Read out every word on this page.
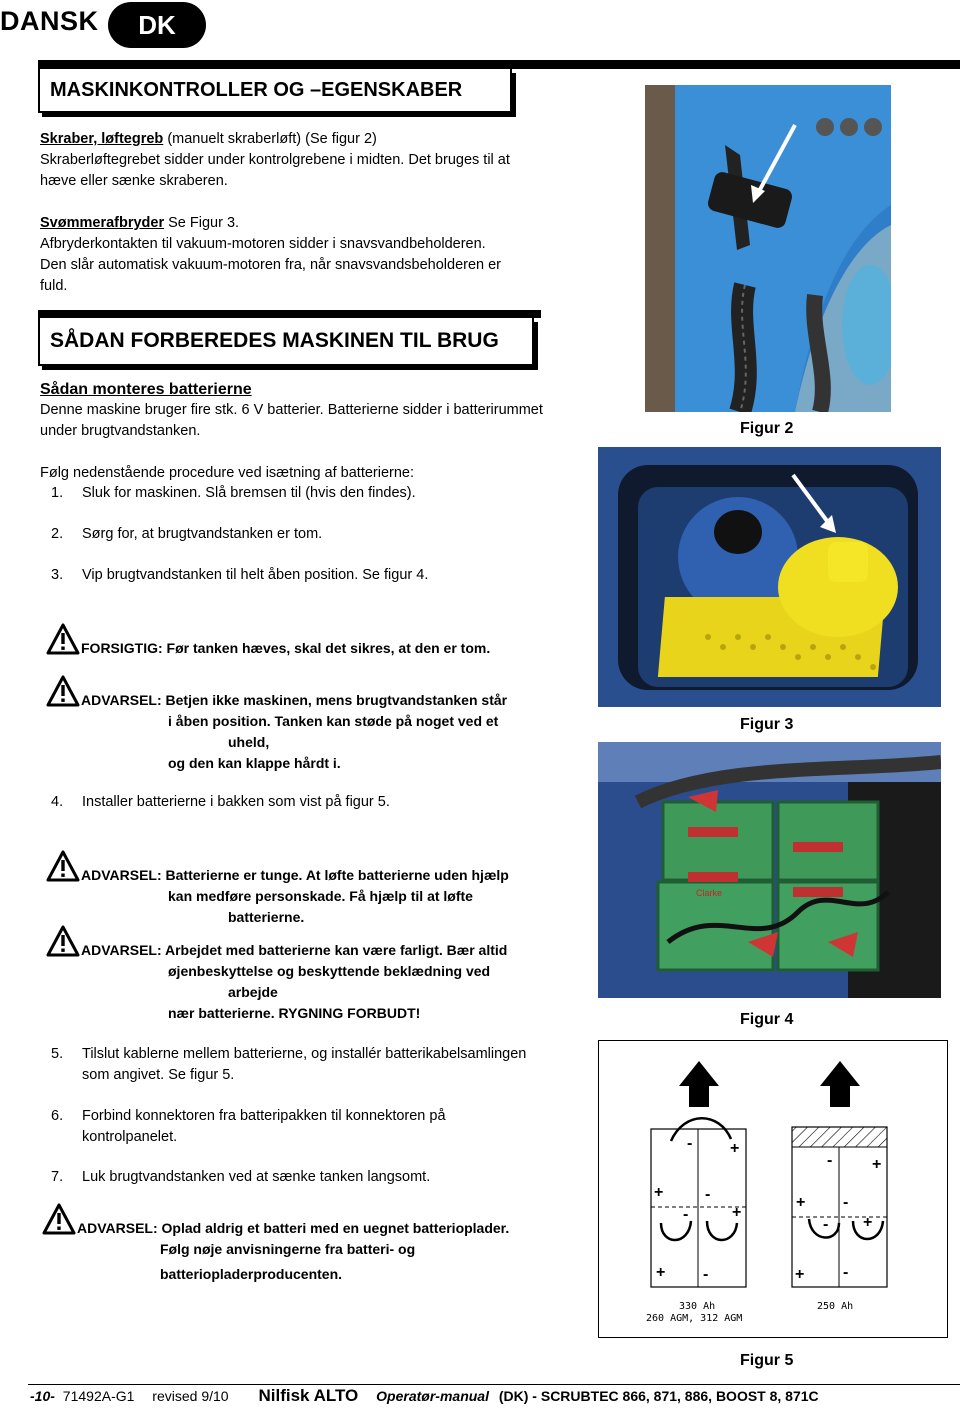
DANSK	DK
MASKINKONTROLLER OG –EGENSKABER
Skraber, løftegreb (manuelt skraberløft) (Se figur 2)
Skraberløftegrebet sidder under kontrolgrebene i midten. Det bruges til at
hæve eller sænke skraberen.
Svømmerafbryder Se Figur 3.
Afbryderkontakten til vakuum-motoren sidder i snavsvandbeholderen.
Den slår automatisk vakuum-motoren fra, når snavsvandsbeholderen er
fuld.
SÅDAN FORBEREDES MASKINEN TIL BRUG
Sådan monteres batterierne
Denne maskine bruger fire stk. 6 V batterier. Batterierne sidder i batterirummet
under brugtvandstanken.
Følg nedenstående procedure ved isætning af batterierne:
1. Sluk for maskinen. Slå bremsen til (hvis den findes).
2. Sørg for, at brugtvandstanken er tom.
3. Vip brugtvandstanken til helt åben position. Se figur 4.
4. Installer batterierne i bakken som vist på figur 5.
5. Tilslut kablerne mellem batterierne, og installér batterikabelsamlingen
som angivet. Se figur 5.
6. Forbind konnektoren fra batteripakken til konnektoren på
kontrolpanelet.
7. Luk brugtvandstanken ved at sænke tanken langsomt.
FORSIGTIG: Før tanken hæves, skal det sikres, at den er tom.
ADVARSEL: Betjen ikke maskinen, mens brugtvandstanken står
i åben position. Tanken kan støde på noget ved et
uheld,
og den kan klappe hårdt i.
ADVARSEL: Batterierne er tunge. At løfte batterierne uden hjælp
kan medføre personskade. Få hjælp til at løfte
batterierne.
ADVARSEL: Arbejdet med batterierne kan være farligt. Bær altid
øjenbeskyttelse og beskyttende beklædning ved
arbejde
nær batterierne. RYGNING FORBUDT!
ADVARSEL: Oplad aldrig et batteri med en uegnet batterioplader.
Følg nøje anvisningerne fra batteri- og
batteriopladerproducenten.
Figur 2
Figur 3
Clarke
Figur 4
- +
+	-
-	+
+ -
330 Ah
260 AGM, 312 AGM
- +
+ -
- +
+ -
250 Ah
Figur 5
-10- 71492A-G1 revised 9/10 Nilfisk ALTO Operatør-manual (DK) - SCRUBTEC 866, 871, 886, BOOST 8, 871C
